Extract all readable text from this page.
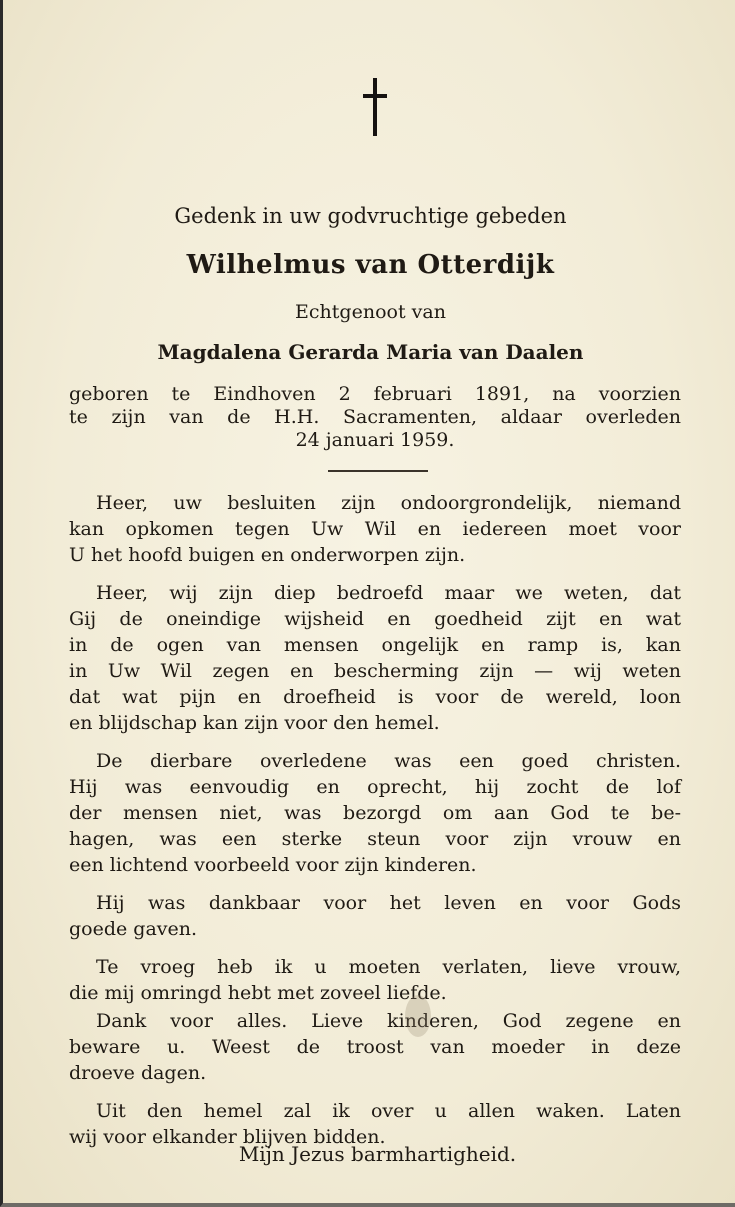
Gedenk in uw godvruchtige gebeden
Wilhelmus van Otterdijk
Echtgenoot van
Magdalena Gerarda Maria van Daalen
geboren te Eindhoven 2 februari 1891, na voorzien
te zijn van de H.H. Sacramenten, aldaar overleden
24 januari 1959.
Heer, uw besluiten zijn ondoorgrondelijk, niemand
kan opkomen tegen Uw Wil en iedereen moet voor
U het hoofd buigen en onderworpen zijn.
Heer, wij zijn diep bedroefd maar we weten, dat
Gij de oneindige wijsheid en goedheid zijt en wat
in de ogen van mensen ongelijk en ramp is, kan
in Uw Wil zegen en bescherming zijn — wij weten
dat wat pijn en droefheid is voor de wereld, loon
en blijdschap kan zijn voor den hemel.
De dierbare overledene was een goed christen.
Hij was eenvoudig en oprecht, hij zocht de lof
der mensen niet, was bezorgd om aan God te be-
hagen, was een sterke steun voor zijn vrouw en
een lichtend voorbeeld voor zijn kinderen.
Hij was dankbaar voor het leven en voor Gods
goede gaven.
Te vroeg heb ik u moeten verlaten, lieve vrouw,
die mij omringd hebt met zoveel liefde.
Dank voor alles. Lieve kinderen, God zegene en
beware u. Weest de troost van moeder in deze
droeve dagen.
Uit den hemel zal ik over u allen waken. Laten
wij voor elkander blijven bidden.
Mijn Jezus barmhartigheid.
